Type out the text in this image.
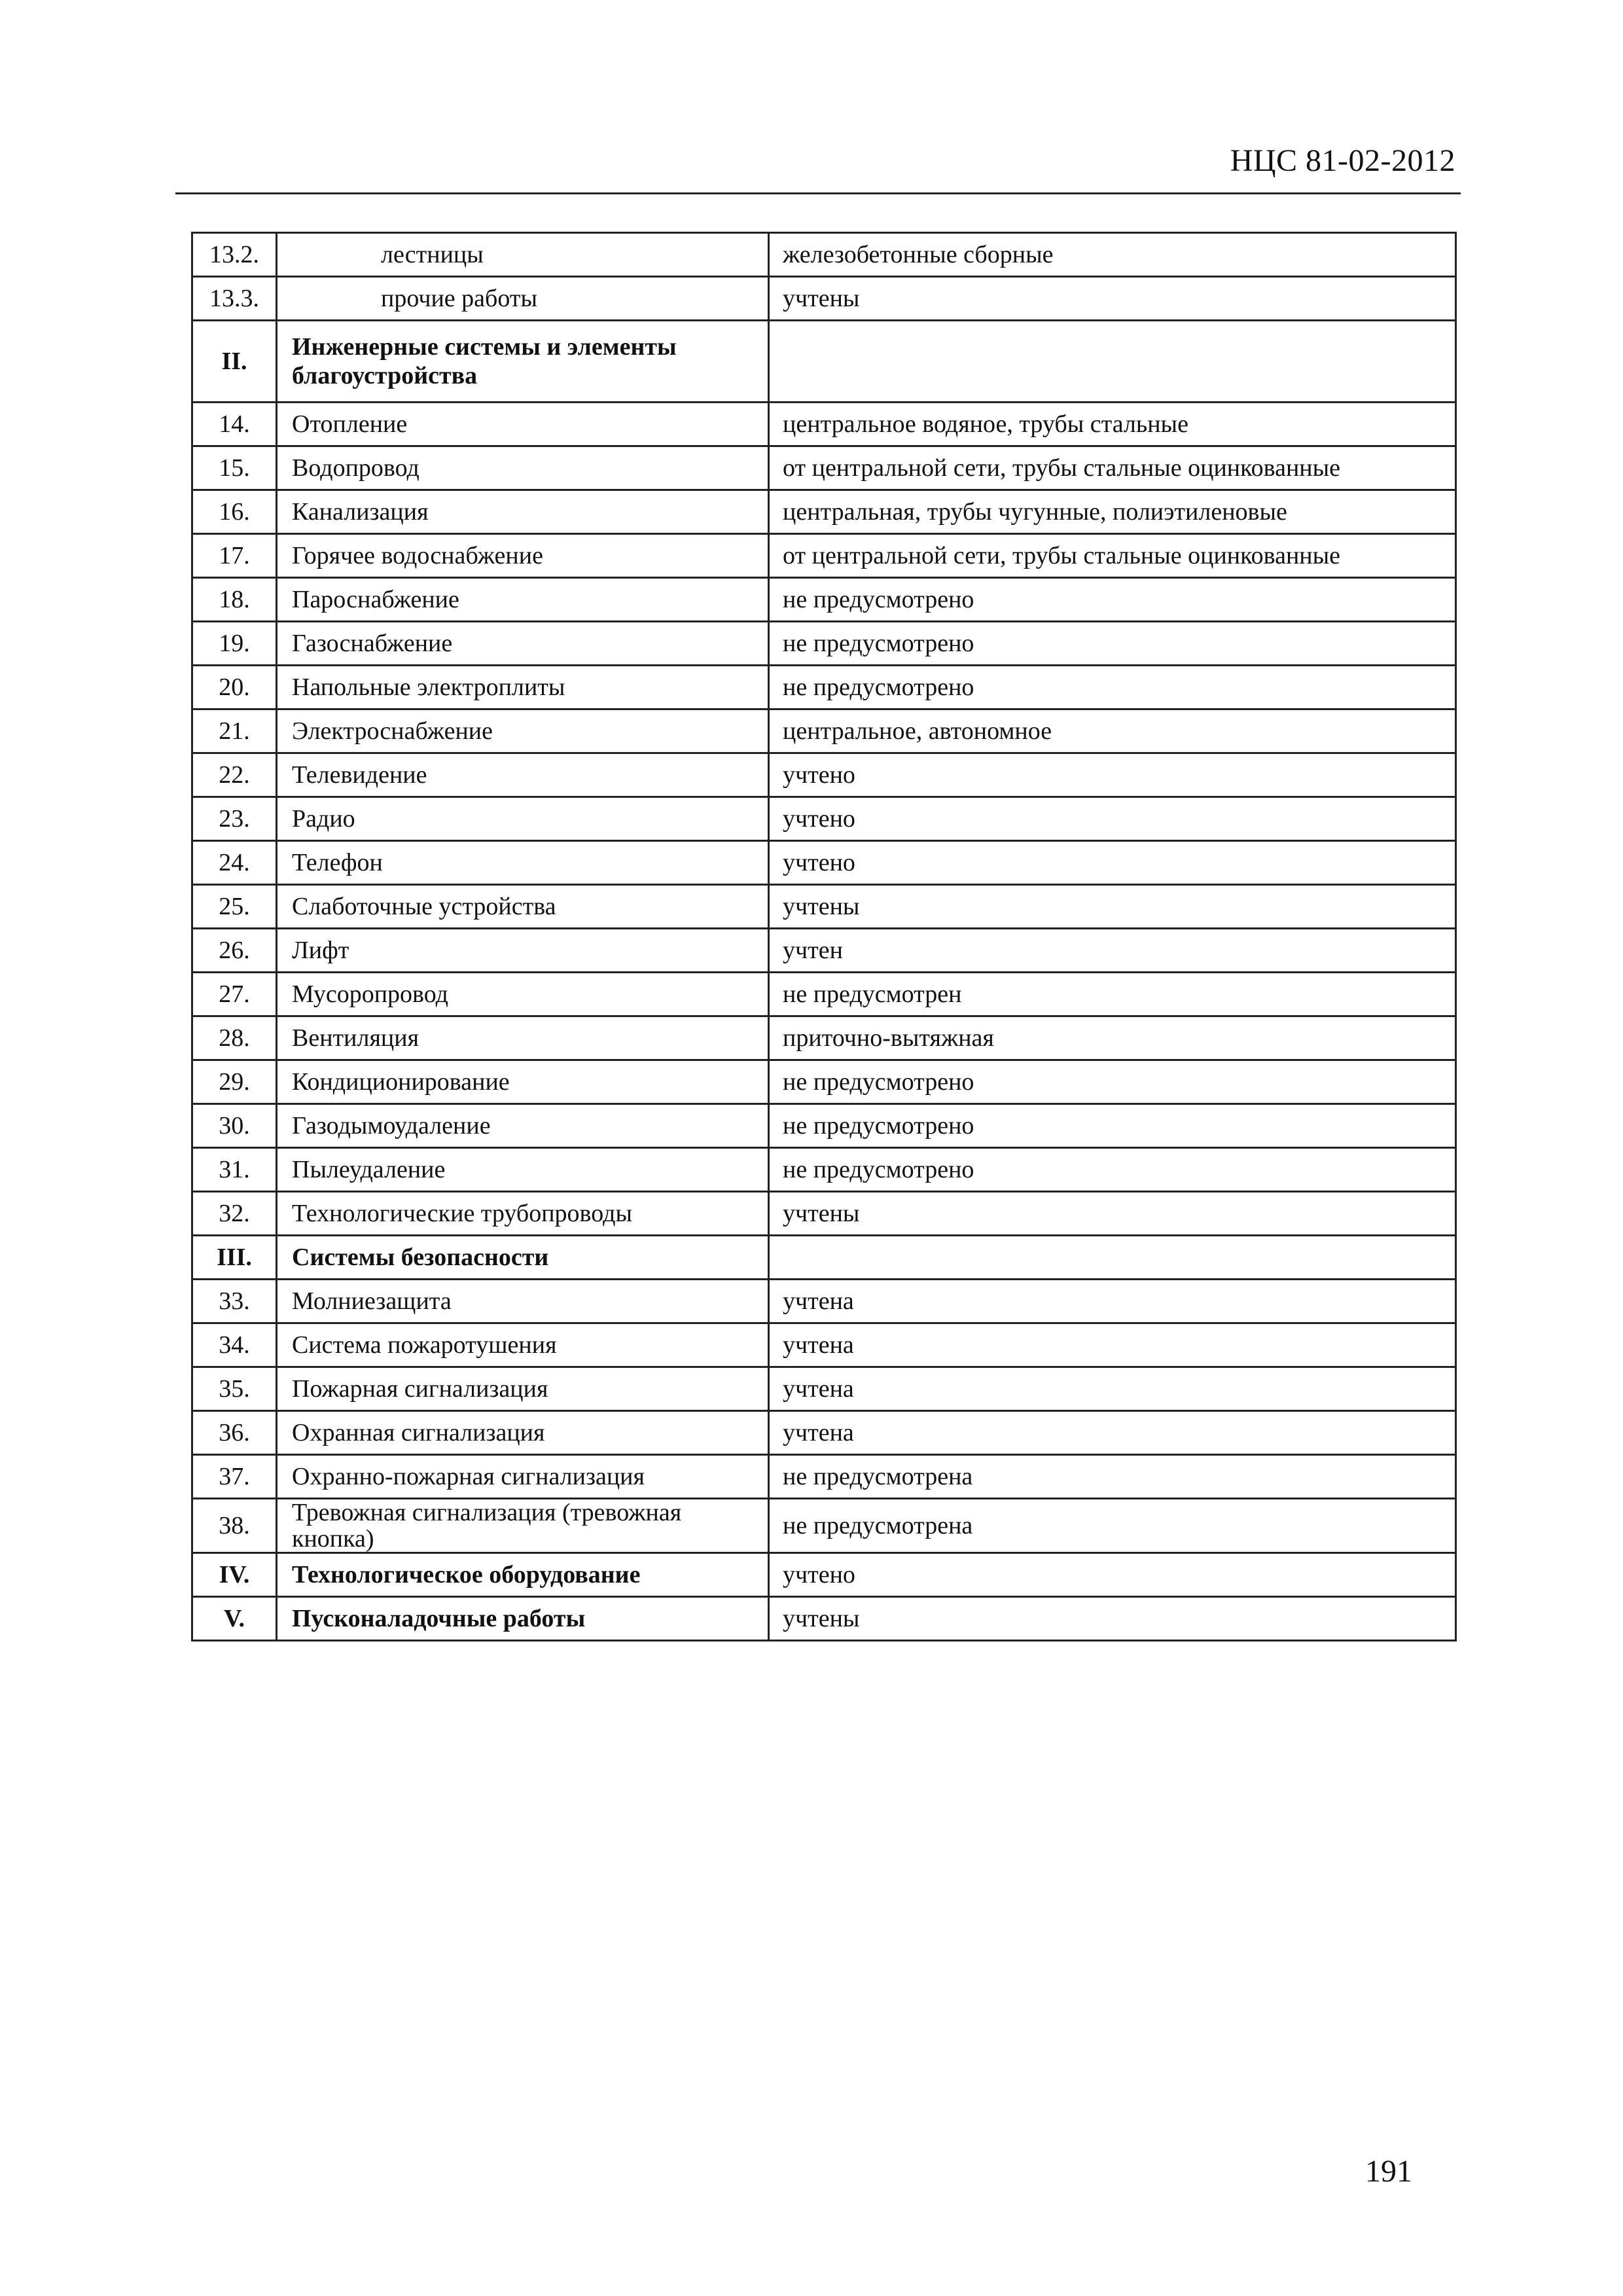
НЦС 81-02-2012
13.2.	лестницы	железобетонные сборные
13.3.	прочие работы	учтены
II.	Инженерные системы и элементы благоустройства	
14.	Отопление	центральное водяное, трубы стальные
15.	Водопровод	от центральной сети, трубы стальные оцинкованные
16.	Канализация	центральная, трубы чугунные, полиэтиленовые
17.	Горячее водоснабжение	от центральной сети, трубы стальные оцинкованные
18.	Пароснабжение	не предусмотрено
19.	Газоснабжение	не предусмотрено
20.	Напольные электроплиты	не предусмотрено
21.	Электроснабжение	центральное, автономное
22.	Телевидение	учтено
23.	Радио	учтено
24.	Телефон	учтено
25.	Слаботочные устройства	учтены
26.	Лифт	учтен
27.	Мусоропровод	не предусмотрен
28.	Вентиляция	приточно-вытяжная
29.	Кондиционирование	не предусмотрено
30.	Газодымоудаление	не предусмотрено
31.	Пылеудаление	не предусмотрено
32.	Технологические трубопроводы	учтены
III.	Системы безопасности	
33.	Молниезащита	учтена
34.	Система пожаротушения	учтена
35.	Пожарная сигнализация	учтена
36.	Охранная сигнализация	учтена
37.	Охранно-пожарная сигнализация	не предусмотрена
38.	Тревожная сигнализация (тревожная кнопка)	не предусмотрена
IV.	Технологическое оборудование	учтено
V.	Пусконаладочные работы	учтены
191
